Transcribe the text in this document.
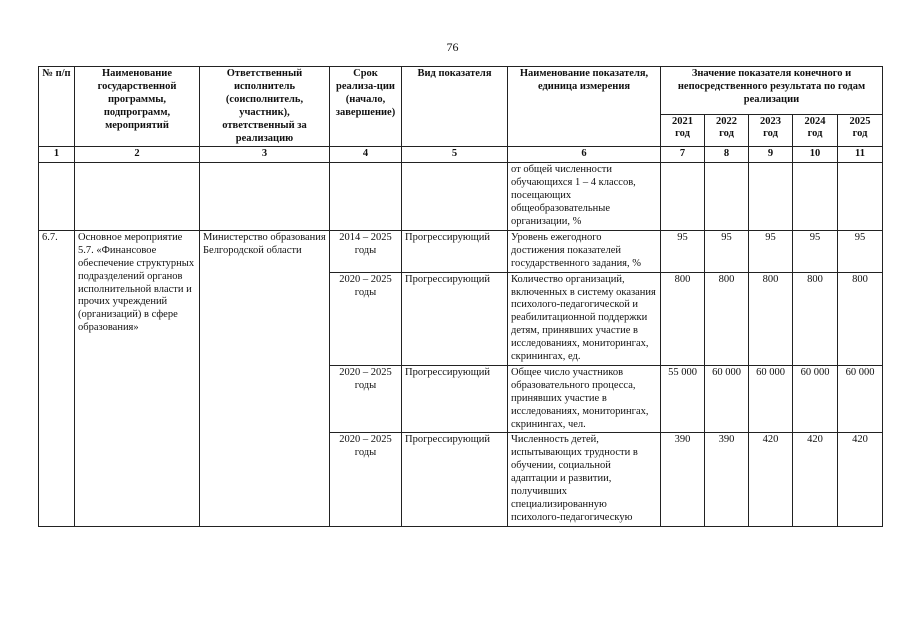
76
№ п/п	Наименование государственной программы, подпрограмм, мероприятий	Ответственный исполнитель (соисполнитель, участник), ответственный за реализацию	Срок реализа-ции (начало, завершение)	Вид показателя	Наименование показателя, единица измерения	Значение показателя конечного и непосредственного результата по годам реализации				
						2021 год	2022 год	2023 год	2024 год	2025 год
1	2	3	4	5	6	7	8	9	10	11
					от общей численности обучающихся 1 – 4 классов, посещающих общеобразовательные организации, %					
6.7.	Основное мероприятие 5.7. «Финансовое обеспечение структурных подразделений органов исполнительной власти и прочих учреждений (организаций) в сфере образования»	Министерство образования Белгородской области	2014 – 2025 годы	Прогрессирующий	Уровень ежегодного достижения показателей государственного задания, %	95	95	95	95	95
			2020 – 2025 годы	Прогрессирующий	Количество организаций, включенных в систему оказания психолого-педагогической и реабилитационной поддержки детям, принявших участие в исследованиях, мониторингах, скринингах, ед.	800	800	800	800	800
			2020 – 2025 годы	Прогрессирующий	Общее число участников образовательного процесса, принявших участие в исследованиях, мониторингах, скринингах, чел.	55 000	60 000	60 000	60 000	60 000
			2020 – 2025 годы	Прогрессирующий	Численность детей, испытывающих трудности в обучении, социальной адаптации и развитии, получивших специализированную психолого-педагогическую	390	390	420	420	420
